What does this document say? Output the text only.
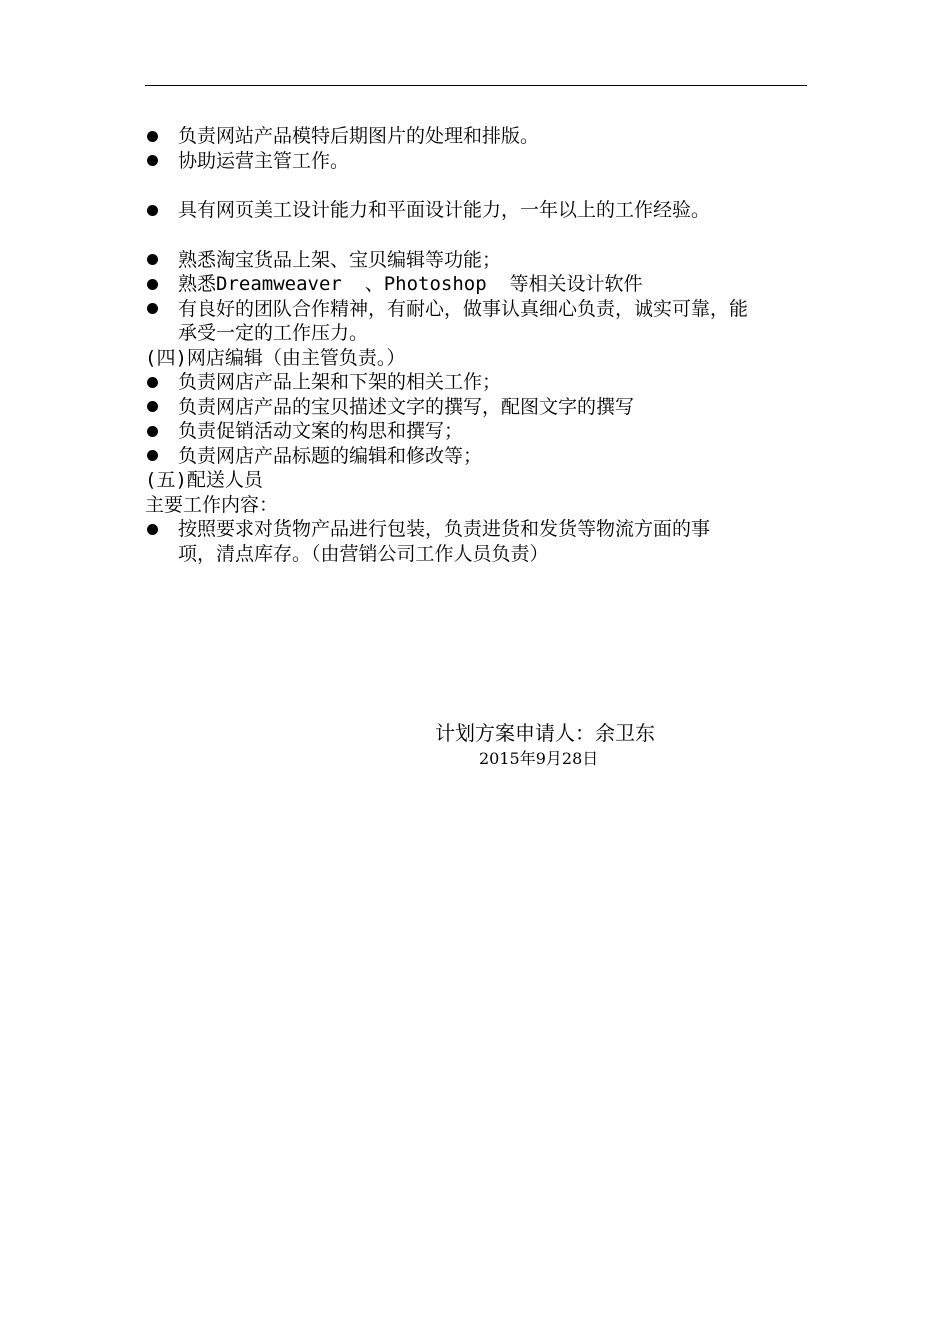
负责网站产品模特后期图片的处理和排版。
协助运营主管工作。
具有网页美工设计能力和平面设计能力，一年以上的工作经验。
熟悉淘宝货品上架、宝贝编辑等功能；
熟悉Dreamweaver  、Photoshop  等相关设计软件
有良好的团队合作精神，有耐心，做事认真细心负责，诚实可靠，能
承受一定的工作压力。
(四)网店编辑（由主管负责。）
负责网店产品上架和下架的相关工作；
负责网店产品的宝贝描述文字的撰写，配图文字的撰写
负责促销活动文案的构思和撰写；
负责网店产品标题的编辑和修改等；
(五)配送人员
主要工作内容：
按照要求对货物产品进行包装，负责进货和发货等物流方面的事
项，清点库存。（由营销公司工作人员负责）
计划方案申请人：余卫东
2015年9月28日
